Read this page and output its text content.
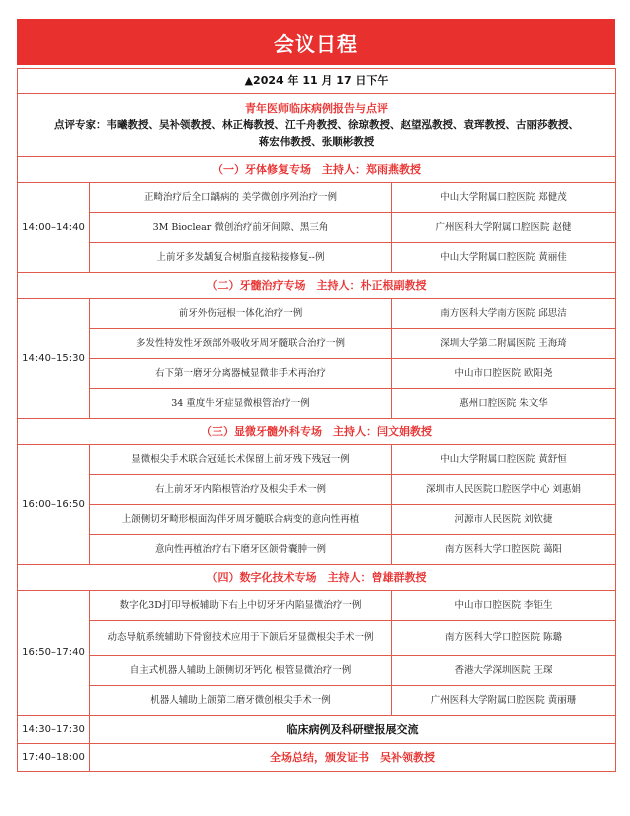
会议日程
▲2024 年 11 月 17 日下午		

青年医师临床病例报告与点评
点评专家：韦曦教授、吴补领教授、林正梅教授、江千舟教授、徐琼教授、赵望泓教授、袁珲教授、古丽莎教授、
蒋宏伟教授、张顺彬教授		

（一）牙体修复专场　主持人：郑雨燕教授		
14:00–14:40	正畸治疗后全口龋病的 美学微创序列治疗一例	中山大学附属口腔医院 郑健茂
	3M Bioclear 微创治疗前牙间隙、黑三角	广州医科大学附属口腔医院 赵健
	上前牙多发龋复合树脂直接粘接修复--例	中山大学附属口腔医院 黄丽佳
（二）牙髓治疗专场　主持人：朴正根副教授		
14:40–15:30	前牙外伤冠根一体化治疗一例	南方医科大学南方医院 邱思洁
	多发性特发性牙颈部外吸收牙周牙髓联合治疗一例	深圳大学第二附属医院 王海琦
	右下第一磨牙分离器械显微非手术再治疗	中山市口腔医院 欧阳尧
	34 重度牛牙症显微根管治疗一例	惠州口腔医院 朱文华
（三）显微牙髓外科专场　主持人：闫文娟教授		
16:00–16:50	显微根尖手术联合冠延长术保留上前牙残下残冠一例	中山大学附属口腔医院 黄舒恒
	右上前牙牙内陷根管治疗及根尖手术一例	深圳市人民医院口腔医学中心 刘惠娟
	上颌侧切牙畸形根面沟伴牙周牙髓联合病变的意向性再植	河源市人民医院 刘钦捷
	意向性再植治疗右下磨牙区颌骨囊肿一例	南方医科大学口腔医院 蔼阳
（四）数字化技术专场　主持人：曾雄群教授		
16:50–17:40	数字化3D打印导板辅助下右上中切牙牙内陷显微治疗一例	中山市口腔医院 李钜生
	动态导航系统辅助下骨窗技术应用于下颌后牙显微根尖手术一例	南方医科大学口腔医院 陈璐
	自主式机器人辅助上颌侧切牙钙化 根管显微治疗一例	香港大学深圳医院 王琛
	机器人辅助上颌第二磨牙微创根尖手术一例	广州医科大学附属口腔医院 黄丽珊
14:30–17:30	临床病例及科研壁报展交流	
17:40–18:00	全场总结，颁发证书　吴补领教授	
